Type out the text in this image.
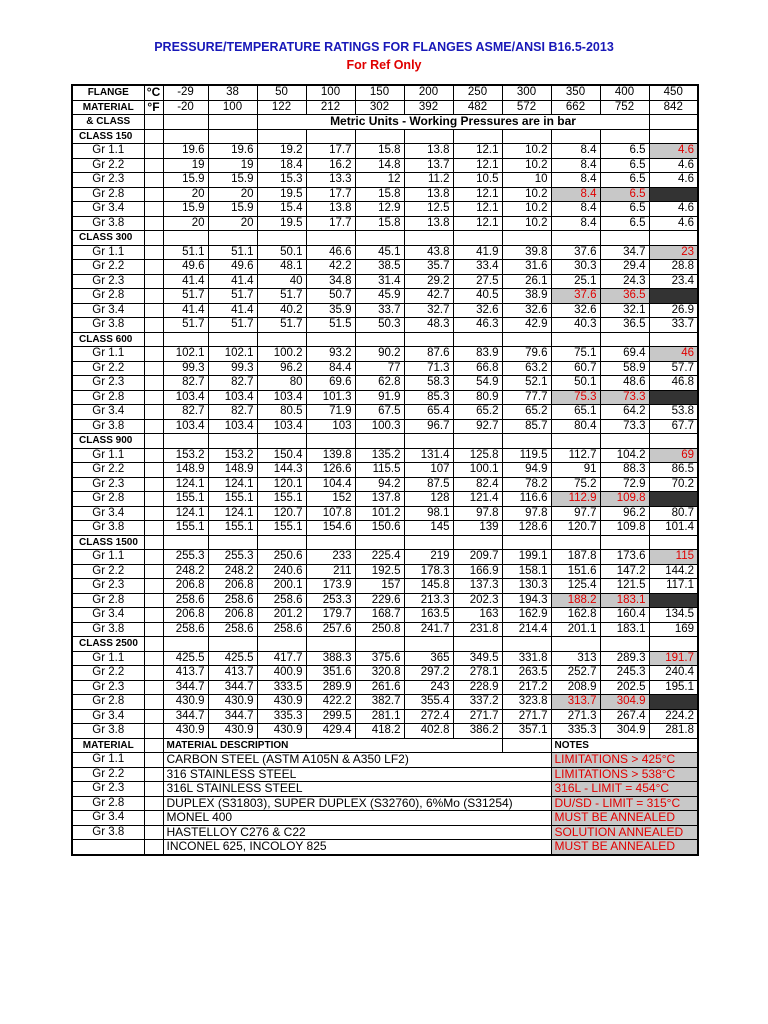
PRESSURE/TEMPERATURE RATINGS FOR FLANGES ASME/ANSI B16.5-2013
For Ref Only
FLANGE	°C	-29	38	50	100	150	200	250	300	350	400	450
MATERIAL	°F	-20	100	122	212	302	392	482	572	662	752	842
& CLASS				Metric Units - Working Pressures are in bar								
CLASS 150												
Gr 1.1		19.6	19.6	19.2	17.7	15.8	13.8	12.1	10.2	8.4	6.5	4.6
Gr 2.2		19	19	18.4	16.2	14.8	13.7	12.1	10.2	8.4	6.5	4.6
Gr 2.3		15.9	15.9	15.3	13.3	12	11.2	10.5	10	8.4	6.5	4.6
Gr 2.8		20	20	19.5	17.7	15.8	13.8	12.1	10.2	8.4	6.5	
Gr 3.4		15.9	15.9	15.4	13.8	12.9	12.5	12.1	10.2	8.4	6.5	4.6
Gr 3.8		20	20	19.5	17.7	15.8	13.8	12.1	10.2	8.4	6.5	4.6
CLASS 300												
Gr 1.1		51.1	51.1	50.1	46.6	45.1	43.8	41.9	39.8	37.6	34.7	23
Gr 2.2		49.6	49.6	48.1	42.2	38.5	35.7	33.4	31.6	30.3	29.4	28.8
Gr 2.3		41.4	41.4	40	34.8	31.4	29.2	27.5	26.1	25.1	24.3	23.4
Gr 2.8		51.7	51.7	51.7	50.7	45.9	42.7	40.5	38.9	37.6	36.5	
Gr 3.4		41.4	41.4	40.2	35.9	33.7	32.7	32.6	32.6	32.6	32.1	26.9
Gr 3.8		51.7	51.7	51.7	51.5	50.3	48.3	46.3	42.9	40.3	36.5	33.7
CLASS 600												
Gr 1.1		102.1	102.1	100.2	93.2	90.2	87.6	83.9	79.6	75.1	69.4	46
Gr 2.2		99.3	99.3	96.2	84.4	77	71.3	66.8	63.2	60.7	58.9	57.7
Gr 2.3		82.7	82.7	80	69.6	62.8	58.3	54.9	52.1	50.1	48.6	46.8
Gr 2.8		103.4	103.4	103.4	101.3	91.9	85.3	80.9	77.7	75.3	73.3	
Gr 3.4		82.7	82.7	80.5	71.9	67.5	65.4	65.2	65.2	65.1	64.2	53.8
Gr 3.8		103.4	103.4	103.4	103	100.3	96.7	92.7	85.7	80.4	73.3	67.7
CLASS 900												
Gr 1.1		153.2	153.2	150.4	139.8	135.2	131.4	125.8	119.5	112.7	104.2	69
Gr 2.2		148.9	148.9	144.3	126.6	115.5	107	100.1	94.9	91	88.3	86.5
Gr 2.3		124.1	124.1	120.1	104.4	94.2	87.5	82.4	78.2	75.2	72.9	70.2
Gr 2.8		155.1	155.1	155.1	152	137.8	128	121.4	116.6	112.9	109.8	
Gr 3.4		124.1	124.1	120.7	107.8	101.2	98.1	97.8	97.8	97.7	96.2	80.7
Gr 3.8		155.1	155.1	155.1	154.6	150.6	145	139	128.6	120.7	109.8	101.4
CLASS 1500												
Gr 1.1		255.3	255.3	250.6	233	225.4	219	209.7	199.1	187.8	173.6	115
Gr 2.2		248.2	248.2	240.6	211	192.5	178.3	166.9	158.1	151.6	147.2	144.2
Gr 2.3		206.8	206.8	200.1	173.9	157	145.8	137.3	130.3	125.4	121.5	117.1
Gr 2.8		258.6	258.6	258.6	253.3	229.6	213.3	202.3	194.3	188.2	183.1	
Gr 3.4		206.8	206.8	201.2	179.7	168.7	163.5	163	162.9	162.8	160.4	134.5
Gr 3.8		258.6	258.6	258.6	257.6	250.8	241.7	231.8	214.4	201.1	183.1	169
CLASS 2500												
Gr 1.1		425.5	425.5	417.7	388.3	375.6	365	349.5	331.8	313	289.3	191.7
Gr 2.2		413.7	413.7	400.9	351.6	320.8	297.2	278.1	263.5	252.7	245.3	240.4
Gr 2.3		344.7	344.7	333.5	289.9	261.6	243	228.9	217.2	208.9	202.5	195.1
Gr 2.8		430.9	430.9	430.9	422.2	382.7	355.4	337.2	323.8	313.7	304.9	
Gr 3.4		344.7	344.7	335.3	299.5	281.1	272.4	271.7	271.7	271.3	267.4	224.2
Gr 3.8		430.9	430.9	430.9	429.4	418.2	402.8	386.2	357.1	335.3	304.9	281.8
MATERIAL		MATERIAL DESCRIPTION								NOTES		
Gr 1.1		CARBON STEEL (ASTM A105N & A350 LF2)								LIMITATIONS > 425°C		
Gr 2.2		316 STAINLESS STEEL								LIMITATIONS > 538°C		
Gr 2.3		316L STAINLESS STEEL								316L - LIMIT = 454°C		
Gr 2.8		DUPLEX (S31803), SUPER DUPLEX (S32760), 6%Mo (S31254)								DU/SD - LIMIT = 315°C		
Gr 3.4		MONEL 400								MUST BE ANNEALED		
Gr 3.8		HASTELLOY C276 & C22								SOLUTION ANNEALED		
		INCONEL 625, INCOLOY 825								MUST BE ANNEALED		
